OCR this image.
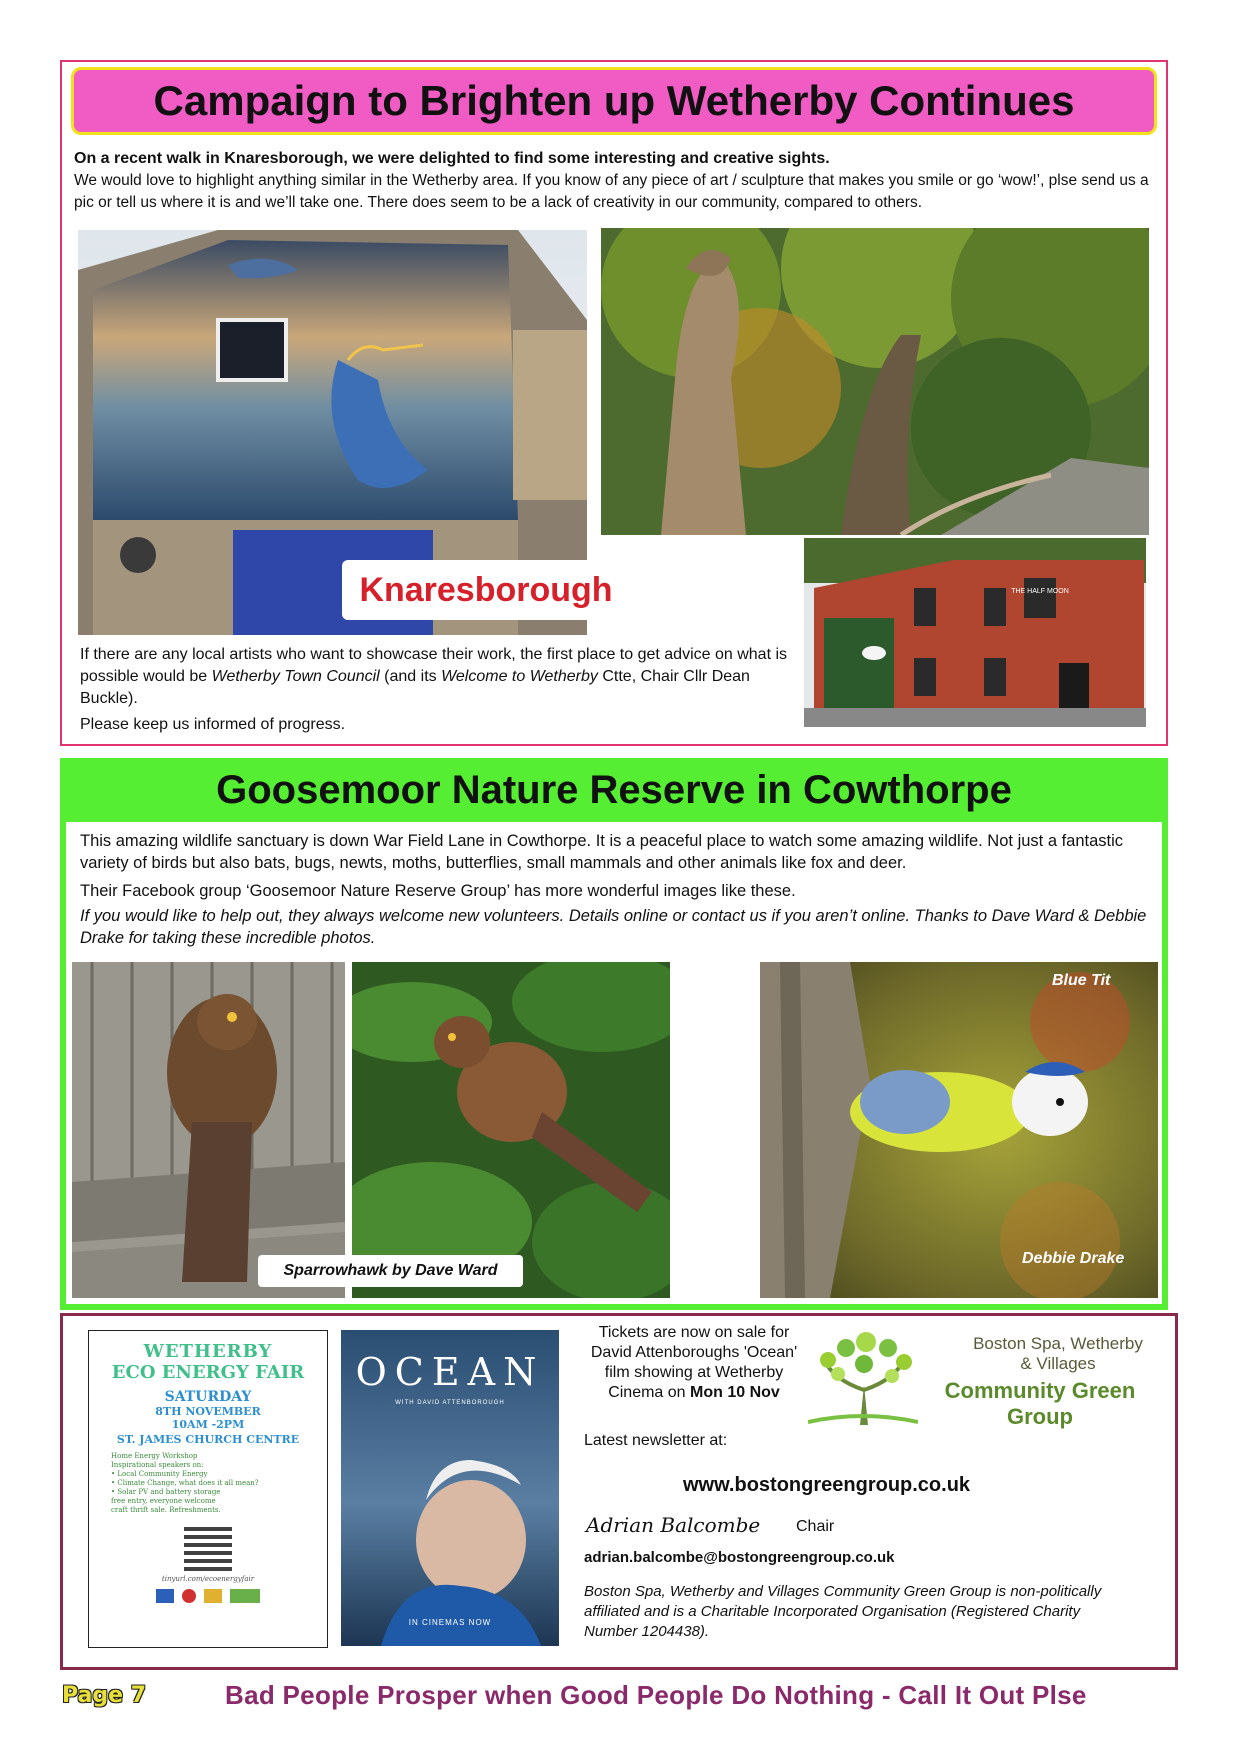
Campaign to Brighten up Wetherby Continues
On a recent walk in Knaresborough, we were delighted to find some interesting and creative sights.
We would love to highlight anything similar in the Wetherby area. If you know of any piece of art / sculpture that makes you smile or go ‘wow!’, plse send us a pic or tell us where it is and we’ll take one. There does seem to be a lack of creativity in our community, compared to others.
Knaresborough	THE HALF MOON
If there are any local artists who want to showcase their work, the first place to get advice on what is possible would be Wetherby Town Council (and its Welcome to Wetherby Ctte, Chair Cllr Dean Buckle).
Please keep us informed of progress.
Goosemoor Nature Reserve in Cowthorpe
This amazing wildlife sanctuary is down War Field Lane in Cowthorpe. It is a peaceful place to watch some amazing wildlife. Not just a fantastic variety of birds but also bats, bugs, newts, moths, butterflies, small mammals and other animals like fox and deer.
Their Facebook group ‘Goosemoor Nature Reserve Group’ has more wonderful images like these.
If you would like to help out, they always welcome new volunteers. Details online or contact us if you aren’t online. Thanks to Dave Ward & Debbie Drake for taking these incredible photos.
Sparrowhawk by Dave Ward
Blue Tit
Debbie Drake
WETHERBY
ECO ENERGY FAIR
SATURDAY
8TH NOVEMBER
10AM -2PM
ST. JAMES CHURCH CENTRE
Home Energy Workshop
Inspirational speakers on:
• Local Community Energy
• Climate Change, what does it all mean?
• Solar PV and battery storage
free entry, everyone welcome
craft thrift sale. Refreshments.
tinyurl.com/ecoenergyfair
OCEAN
WITH DAVID ATTENBOROUGH
IN CINEMAS NOW
Tickets are now on sale for David Attenboroughs 'Ocean' film showing at Wetherby Cinema on Mon 10 Nov
Latest newsletter at:
Boston Spa, Wetherby
& Villages
Community Green Group
www.bostongreengroup.co.uk
Adrian Balcombe Chair
adrian.balcombe@bostongreengroup.co.uk
Boston Spa, Wetherby and Villages Community Green Group is non-politically affiliated and is a Charitable Incorporated Organisation (Registered Charity Number 1204438).
Page 7	Bad People Prosper when Good People Do Nothing - Call It Out Plse
